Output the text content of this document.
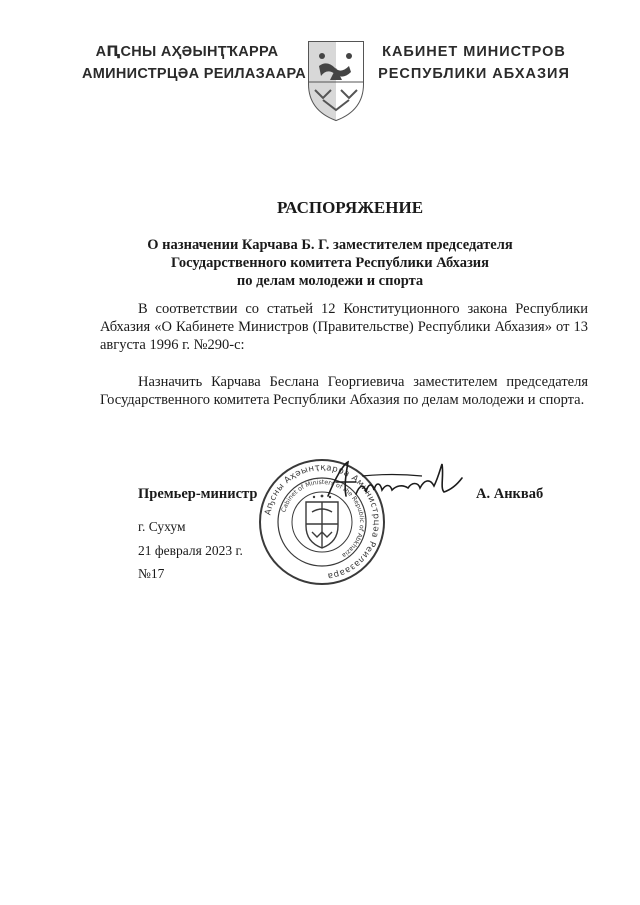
АԤСНЫ АҲӘЫНҬҠАРРА
АМИНИСТРЦӘА РЕИЛАЗААРА
КАБИНЕТ МИНИСТРОВ
РЕСПУБЛИКИ АБХАЗИЯ
РАСПОРЯЖЕНИЕ
О назначении Карчава Б. Г. заместителем председателя
Государственного комитета Республики Абхазия
по делам молодежи и спорта
В соответствии со статьей 12 Конституционного закона Республики Абхазия «О Кабинете Министров (Правительстве) Республики Абхазия» от 13 августа 1996 г. №290-с:
Назначить Карчава Беслана Георгиевича заместителем председателя Государственного комитета Республики Абхазия по делам молодежи и спорта.
Аҧсны Аҳәынҭқарра Аминистрцәа Реилазаара
Cabinet of Ministers of the Republic of Abkhazia
Премьер-министр	А. Анкваб
г. Сухум
21 февраля 2023 г.
№17
